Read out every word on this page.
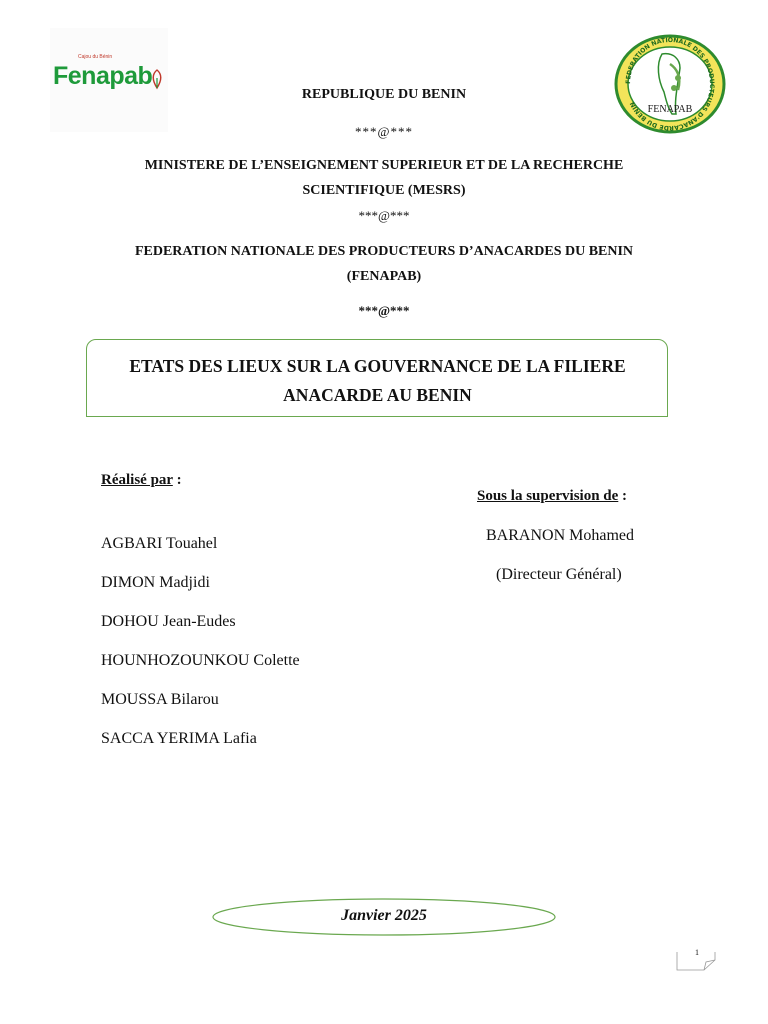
Cajou du Bénin
Fenapab	FEDERATION NATIONALE DES PRODUCTEURS D'ANACARDE DU BENIN	FENAPAB
REPUBLIQUE DU BENIN
***@***
MINISTERE DE L’ENSEIGNEMENT SUPERIEUR ET DE LA RECHERCHE
SCIENTIFIQUE (MESRS)
***@***
FEDERATION NATIONALE DES PRODUCTEURS D’ANACARDES DU BENIN
(FENAPAB)
***@***
ETATS DES LIEUX SUR LA GOUVERNANCE DE LA FILIERE
ANACARDE AU BENIN
Réalisé par :
AGBARI Touahel
DIMON Madjidi
DOHOU Jean-Eudes
HOUNHOZOUNKOU Colette
MOUSSA Bilarou
SACCA YERIMA Lafia
Sous la supervision de :
BARANON Mohamed
(Directeur Général)
Janvier 2025
1
